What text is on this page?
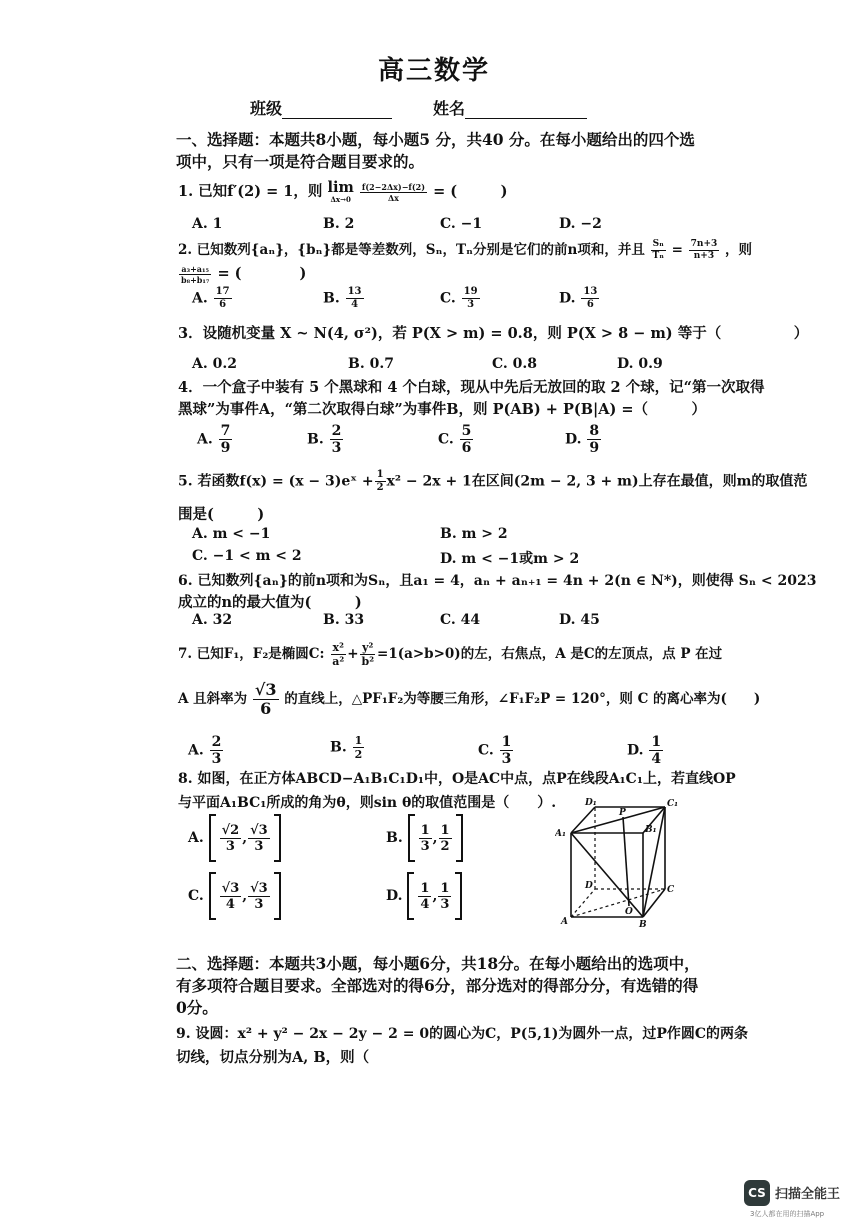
高三数学
班级	姓名
一、选择题：本题共8小题，每小题5 分，共40 分。在每小题给出的四个选项中，只有一项是符合题目要求的。
1. 已知f′(2) = 1，则 lim
Δx→0
$\frac{f(2-2\Delta x)-f(2)}{\Delta x}$ = (　　　)
A. 1	B. 2	C. −1	D. −2
2. 已知数列{aₙ}，{bₙ}都是等差数列，Sₙ，Tₙ分别是它们的前n项和，并且 $\frac{\text{Sₙ}}{\text{Tₙ}} = \frac{7n+3}{n+3}$ ，则
$\frac{\text{a₃+a₁₅}}{\text{b₈+b₁₇}}$ = (　　　　)
A. $\frac{17}{6}$	B. $\frac{13}{4}$	C. $\frac{19}{3}$	D. $\frac{13}{6}$
3．设随机变量 X ~ N(4, σ²)，若 P(X > m) = 0.8，则 P(X > 8 − m) 等于（　　　　　）
A. 0.2	B. 0.7	C. 0.8	D. 0.9
4．一个盒子中装有 5 个黑球和 4 个白球，现从中先后无放回的取 2 个球，记“第一次取得
黑球”为事件A，“第二次取得白球”为事件B，则 P(AB) + P(B|A) =（　　　）
A. $\frac{7}{9}$	B. $\frac{2}{3}$	C. $\frac{5}{6}$	D. $\frac{8}{9}$
5. 若函数f(x) = (x − 3)eˣ + $\frac{1}{2} x^2 - 2x + 1$在区间(2m − 2, 3 + m)上存在最值，则m的取值范
围是(　　　)
A. m < −1	B. m > 2
C. −1 < m < 2	D. m < −1或m > 2
6. 已知数列{aₙ}的前n项和为Sₙ，且a₁ = 4，aₙ + aₙ₊₁ = 4n + 2(n ∈ N*)，则使得 Sₙ < 2023
成立的n的最大值为(　　　)
A. 32	B. 33	C. 44	D. 45
7. 已知F₁，F₂是椭圆C: $\frac{\text{x²}}{\text{a²}} + \frac{\text{y²}}{\text{b²}} =1(a>b>0)$的左，右焦点，A 是C的左顶点，点 P 在过
A 且斜率为 $\frac{√3}{6}$ 的直线上，△PF₁F₂为等腰三角形，∠F₁F₂P = 120°，则 C 的离心率为(　　)
A. $\frac{2}{3}$	B. $\frac{1}{2}$	C. $\frac{1}{3}$	D. $\frac{1}{4}$
8. 如图，在正方体ABCD−A₁B₁C₁D₁中，O是AC中点，点P在线段A₁C₁上，若直线OP
与平面A₁BC₁所成的角为θ，则sin θ的取值范围是（　　）.
A. $\frac{√2}{3}$ , $\frac{√3}{3}$	B. $\frac{1}{3}$ , $\frac{1}{2}$
C. $\frac{√3}{4}$ , $\frac{√3}{3}$	D. $\frac{1}{4}$ , $\frac{1}{3}$
D₁	C₁
A₁	B₁
P
D	C
A	B
O
二、选择题：本题共3小题，每小题6分，共18分。在每小题给出的选项中，有多项符合题目要求。全部选对的得6分，部分选对的得部分分，有选错的得0分。
9. 设圆：x² + y² − 2x − 2y − 2 = 0的圆心为C，P(5,1)为圆外一点，过P作圆C的两条
切线，切点分别为A, B，则（
CS 扫描全能王
3亿人都在用的扫描App
